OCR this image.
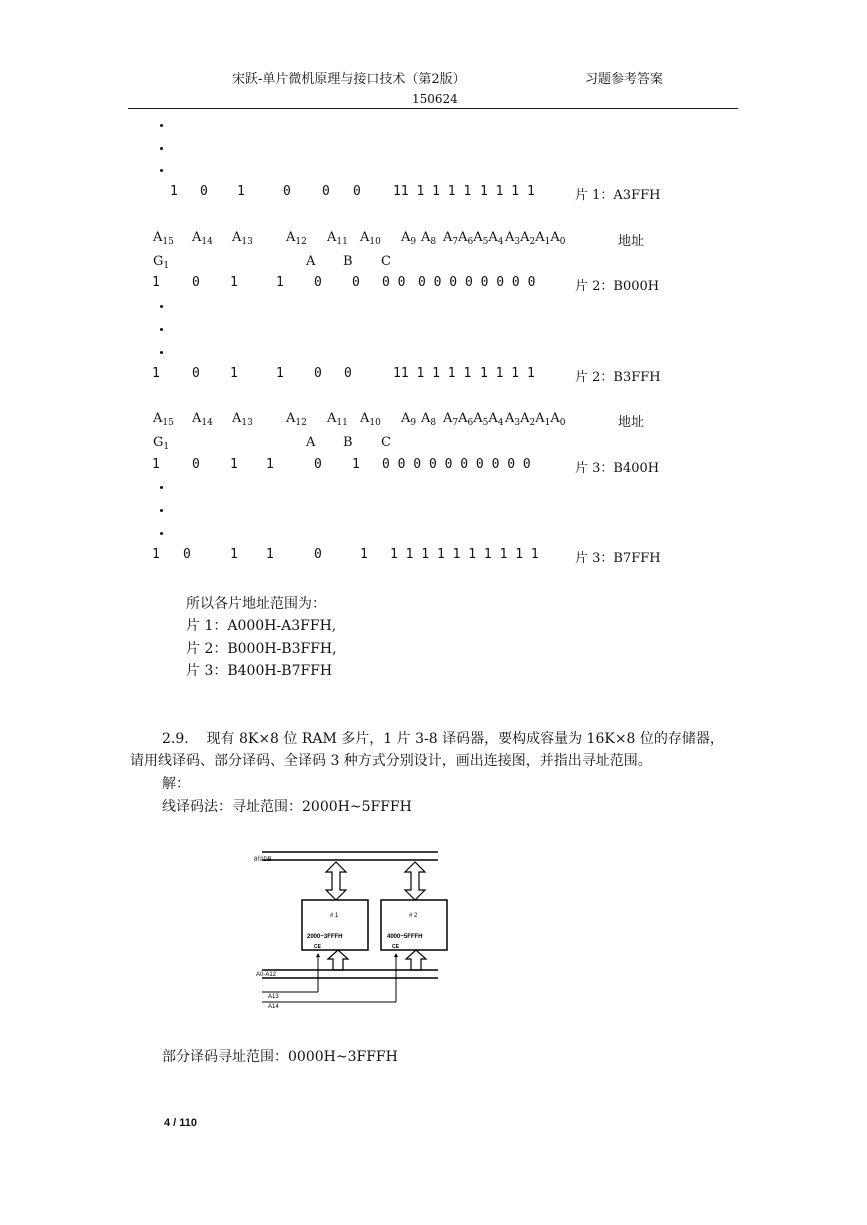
宋跃-单片微机原理与接口技术（第2版）	习题参考答案
150624
1 0 1	0 0 0 11 1 1 1 1 1 1 1 1	片 1：A3FFH
$A_{15}$ $A_{14}$ $A_{13}$	$A_{12}$ $A_{11}$ $A_{10}$ $A_9$ $A_8$ $A_7A_6A_5A_4$ $A_3A_2A_1A_0$	地址
$G_1$	A B C
1 0 1	1 0 0 0 0 0 0 0 0 0 0 0 0	片 2：B000H
1 0 1	1 0 0	11 1 1 1 1 1 1 1 1	片 2：B3FFH
$A_{15}$ $A_{14}$ $A_{13}$	$A_{12}$ $A_{11}$ $A_{10}$ $A_9$ $A_8$ $A_7A_6A_5A_4$ $A_3A_2A_1A_0$	地址
$G_1$	A B C
1 0 1 1	0 1 0 0 0 0 0 0 0 0 0 0	片 3：B400H
1 0	1 1	0	1 1 1 1 1 1 1 1 1 1 1	片 3：B7FFH
所以各片地址范围为：
片 1：A000H-A3FFH,
片 2：B000H-B3FFH,
片 3：B400H-B7FFH
2.9.    现有 8K×8 位 RAM 多片，1 片 3-8 译码器，要构成容量为 16K×8 位的存储器，
请用线译码、部分译码、全译码 3 种方式分别设计，画出连接图，并指出寻址范围。
解：
线译码法：寻址范围：2000H~5FFFH
8位DB
# 1
2000~3FFFH
CE
# 2
4000~5FFFH
CE
A0-A12
A13
A14
部分译码寻址范围：0000H~3FFFH
4 / 110
